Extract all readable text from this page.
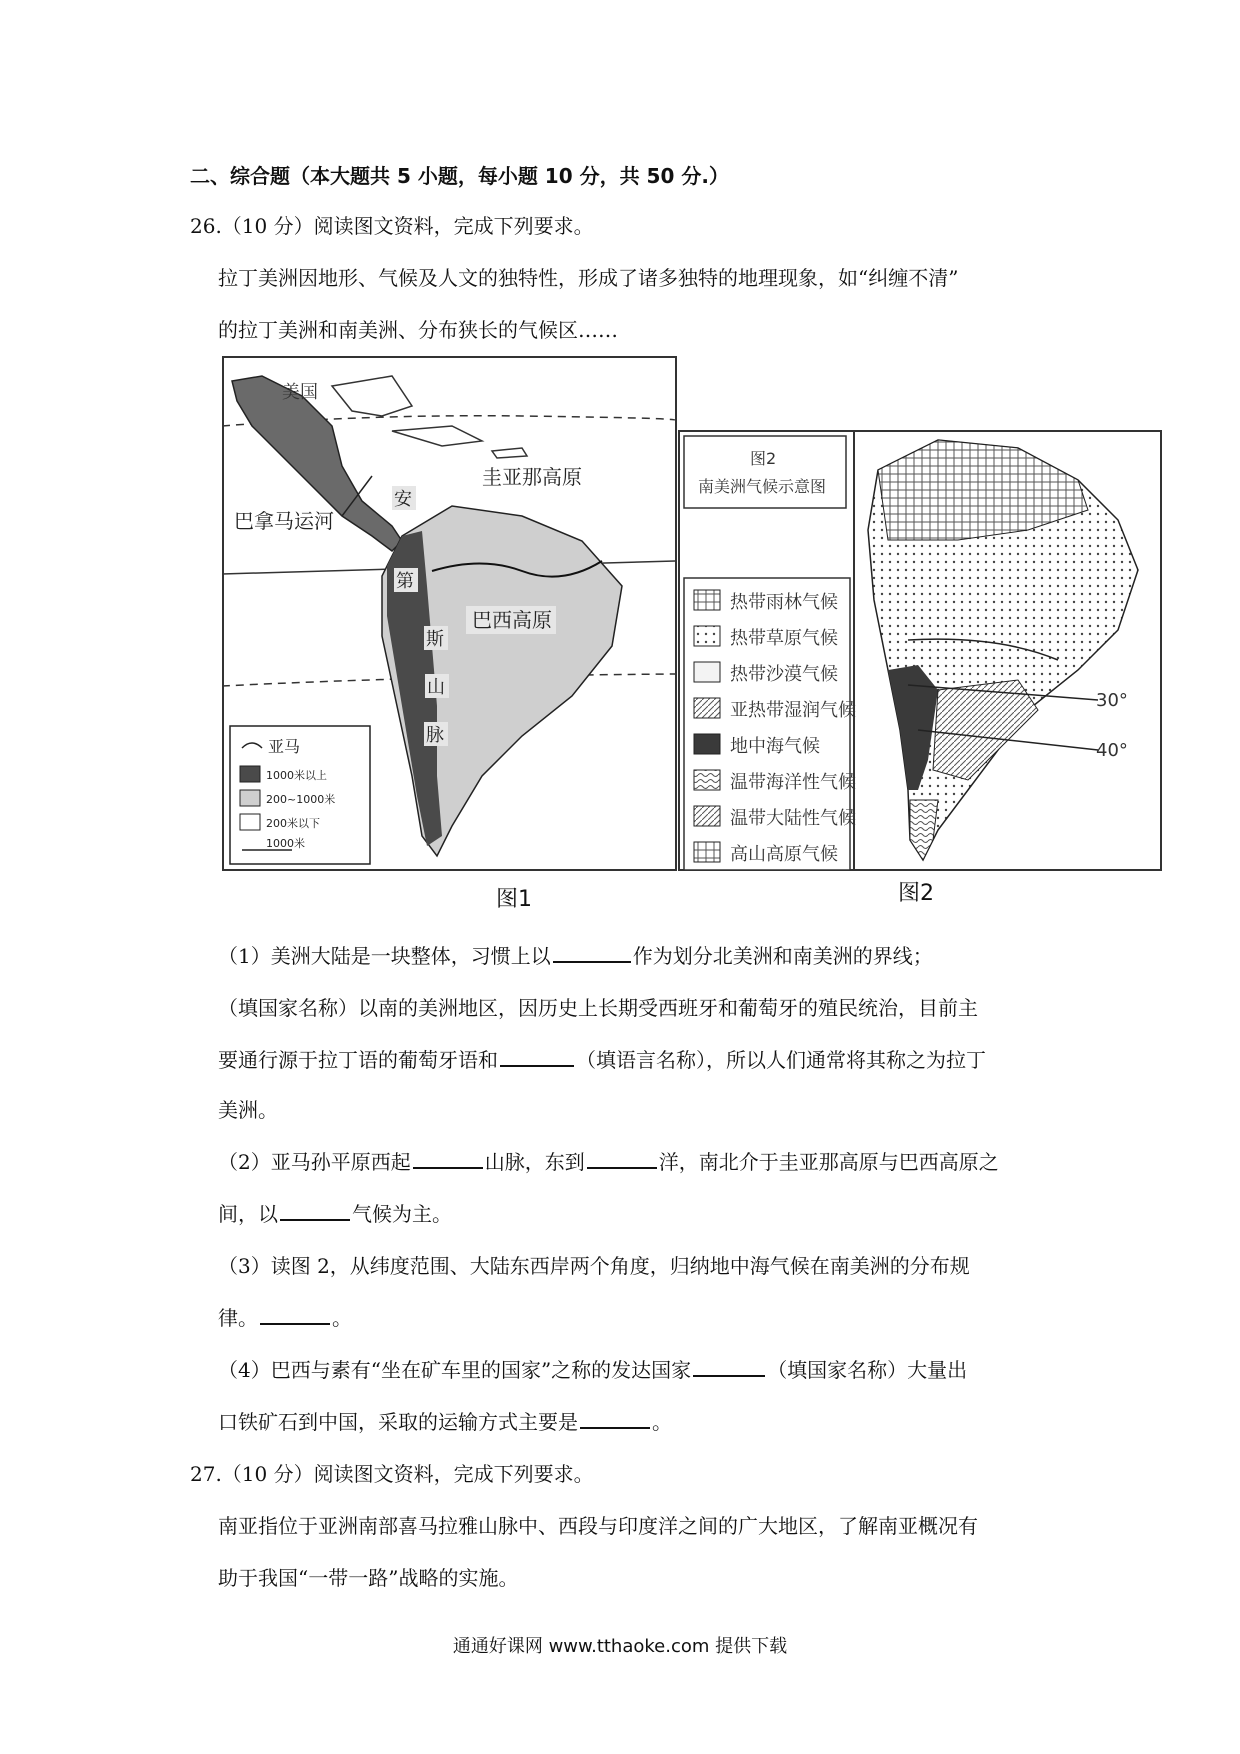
二、综合题（本大题共 5 小题，每小题 10 分，共 50 分.）
26.（10 分）阅读图文资料，完成下列要求。
拉丁美洲因地形、气候及人文的独特性，形成了诸多独特的地理现象，如“纠缠不清”
的拉丁美洲和南美洲、分布狭长的气候区……
美国
圭亚那高原
巴拿马运河
巴西高原
安
第
斯
山
脉
亚马
1000米以上
200~1000米
200米以下
1000米
图1
图2
南美洲气候示意图
热带雨林气候
热带草原气候
热带沙漠气候
亚热带湿润气候
地中海气候
温带海洋性气候
温带大陆性气候
高山高原气候
30°
40°
图2
（1）美洲大陆是一块整体，习惯上以	作为划分北美洲和南美洲的界线；
（填国家名称）以南的美洲地区，因历史上长期受西班牙和葡萄牙的殖民统治，目前主
要通行源于拉丁语的葡萄牙语和	（填语言名称），所以人们通常将其称之为拉丁
美洲。
（2）亚马孙平原西起	山脉，东到	洋，南北介于圭亚那高原与巴西高原之
间，以	气候为主。
（3）读图 2，从纬度范围、大陆东西岸两个角度，归纳地中海气候在南美洲的分布规
律。	。
（4）巴西与素有“坐在矿车里的国家”之称的发达国家	（填国家名称）大量出
口铁矿石到中国，采取的运输方式主要是	。
27.（10 分）阅读图文资料，完成下列要求。
南亚指位于亚洲南部喜马拉雅山脉中、西段与印度洋之间的广大地区，了解南亚概况有
助于我国“一带一路”战略的实施。
通通好课网 www.tthaoke.com 提供下载
